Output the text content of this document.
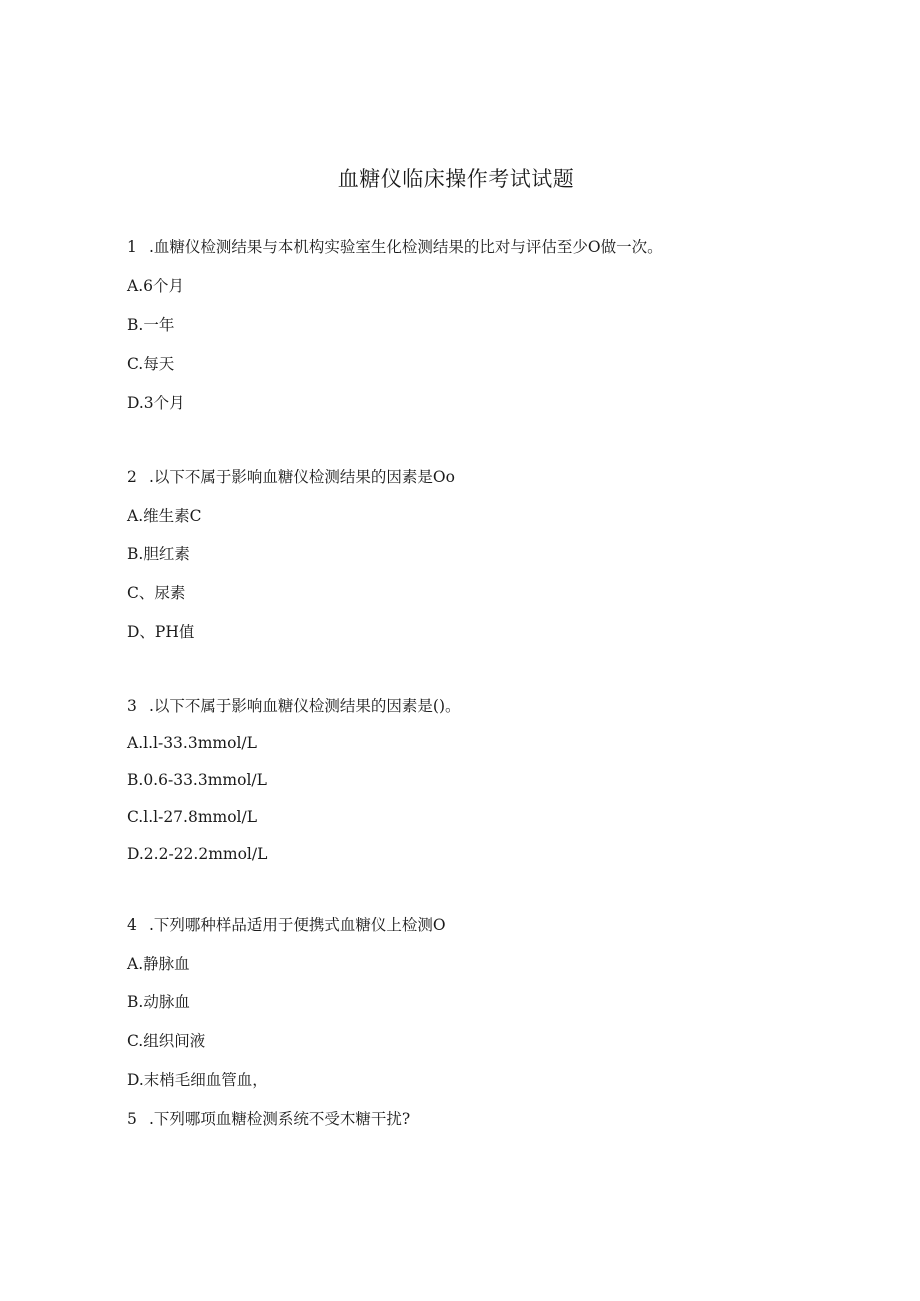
血糖仪临床操作考试试题
1 .血糖仪检测结果与本机构实验室生化检测结果的比对与评估至少O做一次。
A.6个月
B.一年
C.每天
D.3个月
2 .以下不属于影响血糖仪检测结果的因素是Oo
A.维生素C
B.胆红素
C、尿素
D、PH值
3 .以下不属于影响血糖仪检测结果的因素是()。
A.l.l-33.3mmol∕L
B.0.6-33.3mmol∕L
C.l.l-27.8mmol∕L
D.2.2-22.2mmol∕L
4 .下列哪种样品适用于便携式血糖仪上检测O
A.静脉血
B.动脉血
C.组织间液
D.末梢毛细血管血，
5 .下列哪项血糖检测系统不受木糖干扰?
